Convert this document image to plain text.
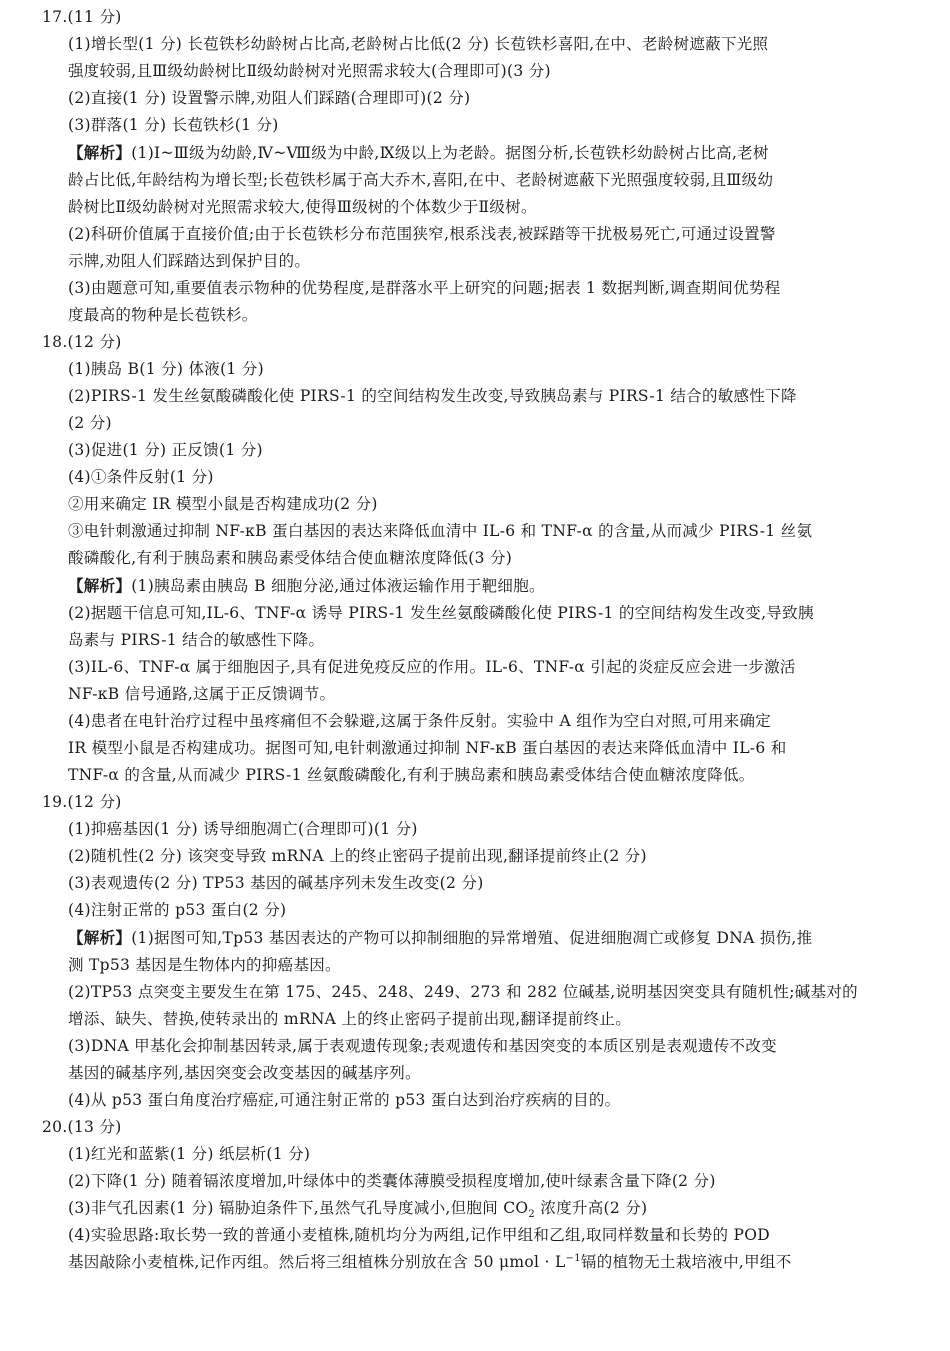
17.(11 分)

(1)增长型(1 分) 长苞铁杉幼龄树占比高,老龄树占比低(2 分) 长苞铁杉喜阳,在中、老龄树遮蔽下光照

强度较弱,且Ⅲ级幼龄树比Ⅱ级幼龄树对光照需求较大(合理即可)(3 分)

(2)直接(1 分) 设置警示牌,劝阻人们踩踏(合理即可)(2 分)

(3)群落(1 分) 长苞铁杉(1 分)

【解析】(1)Ⅰ~Ⅲ级为幼龄,Ⅳ~Ⅷ级为中龄,Ⅸ级以上为老龄。据图分析,长苞铁杉幼龄树占比高,老树

龄占比低,年龄结构为增长型;长苞铁杉属于高大乔木,喜阳,在中、老龄树遮蔽下光照强度较弱,且Ⅲ级幼

龄树比Ⅱ级幼龄树对光照需求较大,使得Ⅲ级树的个体数少于Ⅱ级树。

(2)科研价值属于直接价值;由于长苞铁杉分布范围狭窄,根系浅表,被踩踏等干扰极易死亡,可通过设置警

示牌,劝阻人们踩踏达到保护目的。

(3)由题意可知,重要值表示物种的优势程度,是群落水平上研究的问题;据表 1 数据判断,调查期间优势程

度最高的物种是长苞铁杉。

18.(12 分)

(1)胰岛 B(1 分) 体液(1 分)

(2)PIRS-1 发生丝氨酸磷酸化使 PIRS-1 的空间结构发生改变,导致胰岛素与 PIRS-1 结合的敏感性下降

(2 分)

(3)促进(1 分) 正反馈(1 分)

(4)①条件反射(1 分)

②用来确定 IR 模型小鼠是否构建成功(2 分)

③电针刺激通过抑制 NF-κB 蛋白基因的表达来降低血清中 IL-6 和 TNF-α 的含量,从而减少 PIRS-1 丝氨

酸磷酸化,有利于胰岛素和胰岛素受体结合使血糖浓度降低(3 分)

【解析】(1)胰岛素由胰岛 B 细胞分泌,通过体液运输作用于靶细胞。

(2)据题干信息可知,IL-6、TNF-α 诱导 PIRS-1 发生丝氨酸磷酸化使 PIRS-1 的空间结构发生改变,导致胰

岛素与 PIRS-1 结合的敏感性下降。

(3)IL-6、TNF-α 属于细胞因子,具有促进免疫反应的作用。IL-6、TNF-α 引起的炎症反应会进一步激活

NF-κB 信号通路,这属于正反馈调节。

(4)患者在电针治疗过程中虽疼痛但不会躲避,这属于条件反射。实验中 A 组作为空白对照,可用来确定

IR 模型小鼠是否构建成功。据图可知,电针刺激通过抑制 NF-κB 蛋白基因的表达来降低血清中 IL-6 和

TNF-α 的含量,从而减少 PIRS-1 丝氨酸磷酸化,有利于胰岛素和胰岛素受体结合使血糖浓度降低。

19.(12 分)

(1)抑癌基因(1 分) 诱导细胞凋亡(合理即可)(1 分)

(2)随机性(2 分) 该突变导致 mRNA 上的终止密码子提前出现,翻译提前终止(2 分)

(3)表观遗传(2 分) TP53 基因的碱基序列未发生改变(2 分)

(4)注射正常的 p53 蛋白(2 分)

【解析】(1)据图可知,Tp53 基因表达的产物可以抑制细胞的异常增殖、促进细胞凋亡或修复 DNA 损伤,推

测 Tp53 基因是生物体内的抑癌基因。

(2)TP53 点突变主要发生在第 175、245、248、249、273 和 282 位碱基,说明基因突变具有随机性;碱基对的

增添、缺失、替换,使转录出的 mRNA 上的终止密码子提前出现,翻译提前终止。

(3)DNA 甲基化会抑制基因转录,属于表观遗传现象;表观遗传和基因突变的本质区别是表观遗传不改变

基因的碱基序列,基因突变会改变基因的碱基序列。

(4)从 p53 蛋白角度治疗癌症,可通注射正常的 p53 蛋白达到治疗疾病的目的。

20.(13 分)

(1)红光和蓝紫(1 分) 纸层析(1 分)

(2)下降(1 分) 随着镉浓度增加,叶绿体中的类囊体薄膜受损程度增加,使叶绿素含量下降(2 分)

(3)非气孔因素(1 分) 镉胁迫条件下,虽然气孔导度减小,但胞间 $CO_2$ 浓度升高(2 分)

(4)实验思路:取长势一致的普通小麦植株,随机均分为两组,记作甲组和乙组,取同样数量和长势的 POD

基因敲除小麦植株,记作丙组。然后将三组植株分别放在含 50 $\mu mol \cdot L^{-1}$镉的植物无土栽培液中,甲组不
